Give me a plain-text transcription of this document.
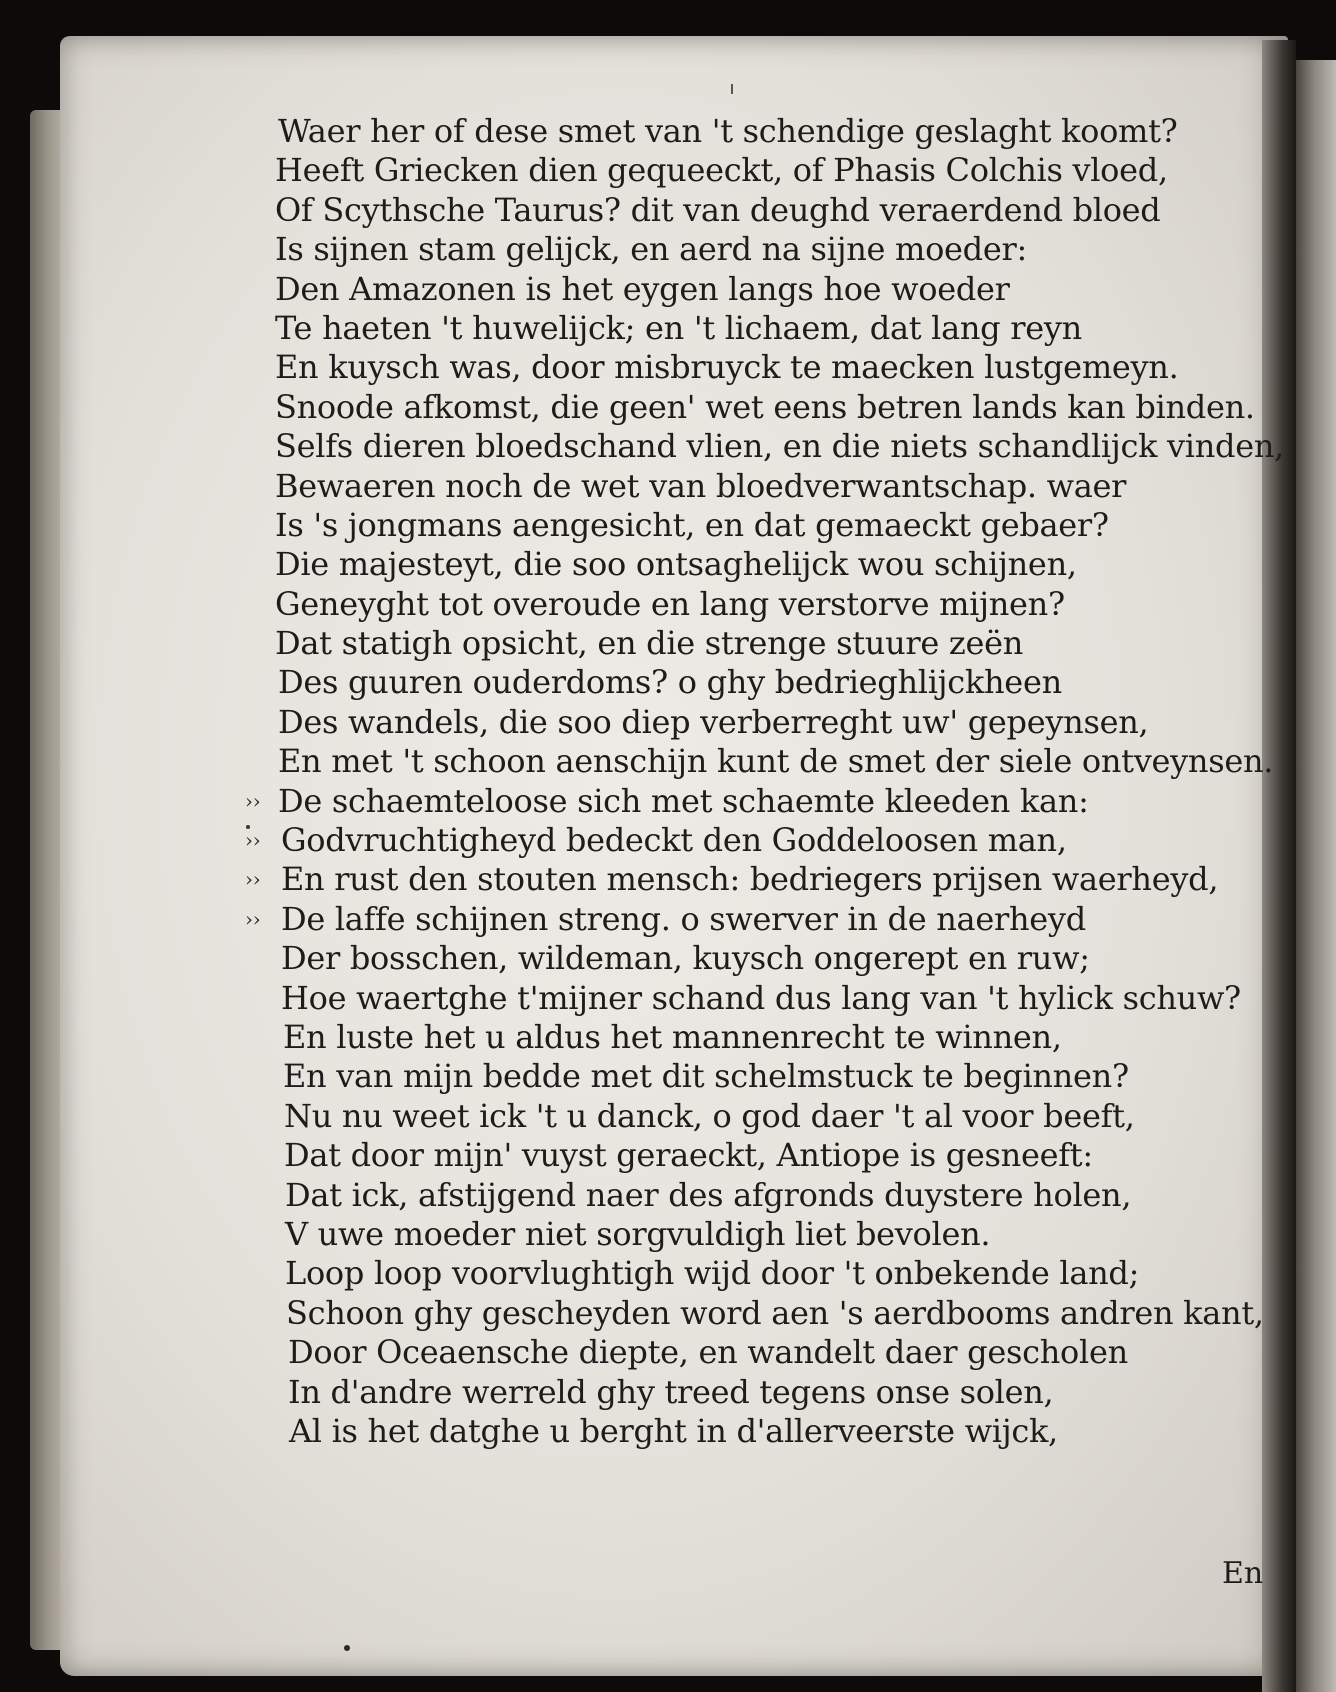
Waer her of dese smet van 't schendige geslaght koomt?
Heeft Griecken dien gequeeckt, of Phasis Colchis vloed,
Of Scythsche Taurus? dit van deughd veraerdend bloed
Is sijnen stam gelijck, en aerd na sijne moeder:
Den Amazonen is het eygen langs hoe woeder
Te haeten 't huwelijck; en 't lichaem, dat lang reyn
En kuysch was, door misbruyck te maecken lustgemeyn.
Snoode afkomst, die geen' wet eens betren lands kan binden.
Selfs dieren bloedschand vlien, en die niets schandlijck vinden,
Bewaeren noch de wet van bloedverwantschap. waer
Is 's jongmans aengesicht, en dat gemaeckt gebaer?
Die majesteyt, die soo ontsaghelijck wou schijnen,
Geneyght tot overoude en lang verstorve mijnen?
Dat statigh opsicht, en die strenge stuure zeën
Des guuren ouderdoms? o ghy bedrieghlijckheen
Des wandels, die soo diep verberreght uw' gepeynsen,
En met 't schoon aenschijn kunt de smet der siele ontveynsen.
›› De schaemteloose sich met schaemte kleeden kan:
›› Godvruchtigheyd bedeckt den Goddeloosen man,
›› En rust den stouten mensch: bedriegers prijsen waerheyd,
›› De laffe schijnen streng. o swerver in de naerheyd
Der bosschen, wildeman, kuysch ongerept en ruw;
Hoe waertghe t'mijner schand dus lang van 't hylick schuw?
En luste het u aldus het mannenrecht te winnen,
En van mijn bedde met dit schelmstuck te beginnen?
Nu nu weet ick 't u danck, o god daer 't al voor beeft,
Dat door mijn' vuyst geraeckt, Antiope is gesneeft:
Dat ick, afstijgend naer des afgronds duystere holen,
V uwe moeder niet sorgvuldigh liet bevolen.
Loop loop voorvlughtigh wijd door 't onbekende land;
Schoon ghy gescheyden word aen 's aerdbooms andren kant,
Door Oceaensche diepte, en wandelt daer gescholen
In d'andre werreld ghy treed tegens onse solen,
Al is het datghe u berght in d'allerveerste wijck,
En
